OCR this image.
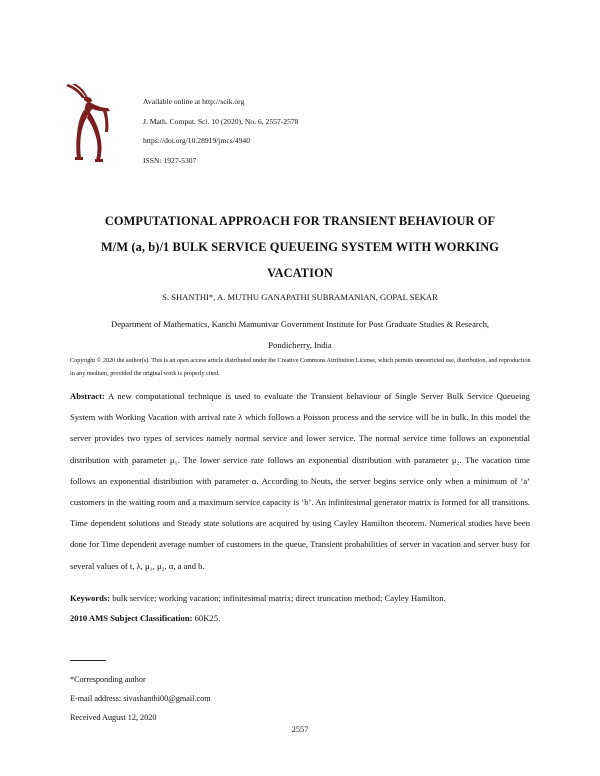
Available online at http://scik.org
J. Math. Comput. Sci. 10 (2020), No. 6, 2557-2578
https://doi.org/10.28919/jmcs/4940
ISSN: 1927-5307
COMPUTATIONAL APPROACH FOR TRANSIENT BEHAVIOUR OF
M/M (a, b)/1 BULK SERVICE QUEUEING SYSTEM WITH WORKING
VACATION
S. SHANTHI*, A. MUTHU GANAPATHI SUBRAMANIAN, GOPAL SEKAR
Department of Mathematics, Kanchi Mamunivar Government Institute for Post Graduate Studies & Research,
Pondicherry, India
Copyright © 2020 the author(s). This is an open access article distributed under the Creative Commons Attribution License, which permits unrestricted use, distribution, and reproduction in any medium, provided the original work is properly cited.
Abstract: A new computational technique is used to evaluate the Transient behaviour of Single Server Bulk Service Queueing System with Working Vacation with arrival rate λ which follows a Poisson process and the service will be in bulk. In this model the server provides two types of services namely normal service and lower service. The normal service time follows an exponential distribution with parameter μ₁. The lower service rate follows an exponential distribution with parameter μ₂. The vacation time follows an exponential distribution with parameter α. According to Neuts, the server begins service only when a minimum of ‘a’ customers in the waiting room and a maximum service capacity is ‘b’. An infinitesimal generator matrix is formed for all transitions. Time dependent solutions and Steady state solutions are acquired by using Cayley Hamilton theorem. Numerical studies have been done for Time dependent average number of customers in the queue, Transient probabilities of server in vacation and server busy for several values of t, λ, μ₁, μ₂, α, a and b.
Keywords: bulk service; working vacation; infinitesimal matrix; direct truncation method; Cayley Hamilton.
2010 AMS Subject Classification: 60K25.
*Corresponding author
E-mail address: sivashanthi00@gmail.com
Received August 12, 2020
2557
